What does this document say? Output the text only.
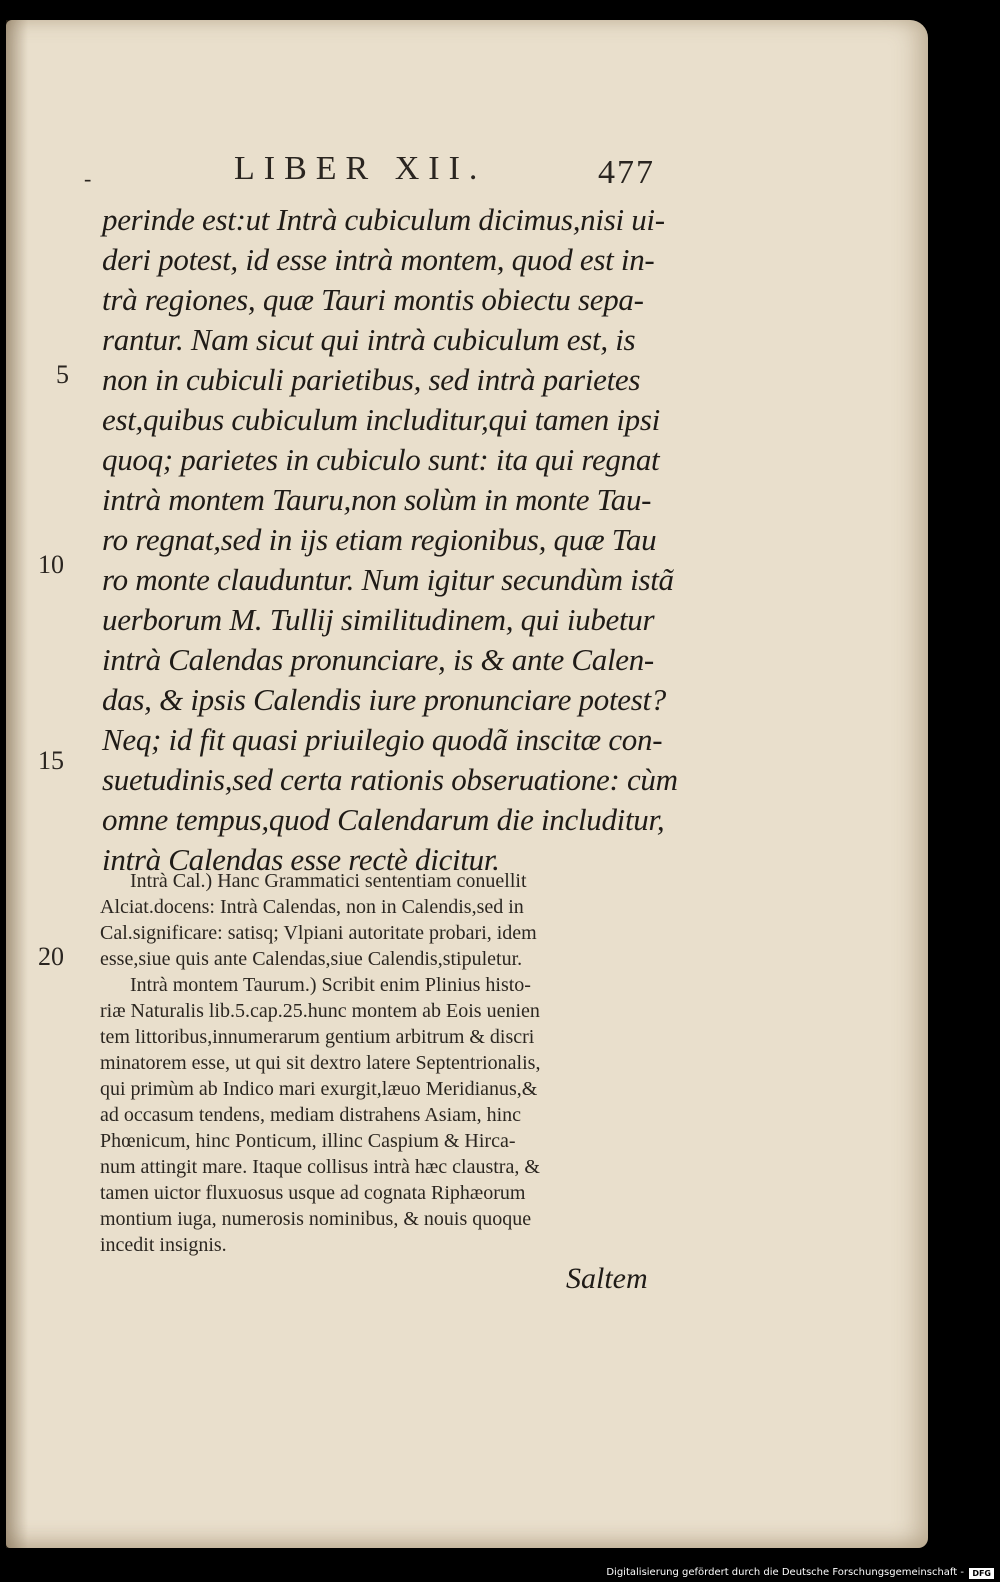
-	LIBER XII.	477
5
10
15
20
perinde est:ut Intrà cubiculum dicimus,nisi ui-
deri potest, id esse intrà montem, quod est in-
trà regiones, quæ Tauri montis obiectu sepa-
rantur. Nam sicut qui intrà cubiculum est, is
non in cubiculi parietibus, sed intrà parietes
est,quibus cubiculum includitur,qui tamen ipsi
quoq; parietes in cubiculo sunt: ita qui regnat
intrà montem Tauru,non solùm in monte Tau-
ro regnat,sed in ijs etiam regionibus, quæ Tau
ro monte clauduntur. Num igitur secundùm istã
uerborum M. Tullij similitudinem, qui iubetur
intrà Calendas pronunciare, is & ante Calen-
das, & ipsis Calendis iure pronunciare potest?
Neq; id fit quasi priuilegio quodã inscitæ con-
suetudinis,sed certa rationis obseruatione: cùm
omne tempus,quod Calendarum die includitur,
intrà Calendas esse rectè dicitur.
Intrà Cal.) Hanc Grammatici sententiam conuellit
Alciat.docens: Intrà Calendas, non in Calendis,sed in
Cal.significare: satisq; Vlpiani autoritate probari, idem
esse,siue quis ante Calendas,siue Calendis,stipuletur.
Intrà montem Taurum.) Scribit enim Plinius histo-
riæ Naturalis lib.5.cap.25.hunc montem ab Eois uenien
tem littoribus,innumerarum gentium arbitrum & discri
minatorem esse, ut qui sit dextro latere Septentrionalis,
qui primùm ab Indico mari exurgit,læuo Meridianus,&
ad occasum tendens, mediam distrahens Asiam, hinc
Phœnicum, hinc Ponticum, illinc Caspium & Hirca-
num attingit mare. Itaque collisus intrà hæc claustra, &
tamen uictor fluxuosus usque ad cognata Riphæorum
montium iuga, numerosis nominibus, & nouis quoque
incedit insignis.
Saltem
Digitalisierung gefördert durch die Deutsche Forschungsgemeinschaft -	DFG
